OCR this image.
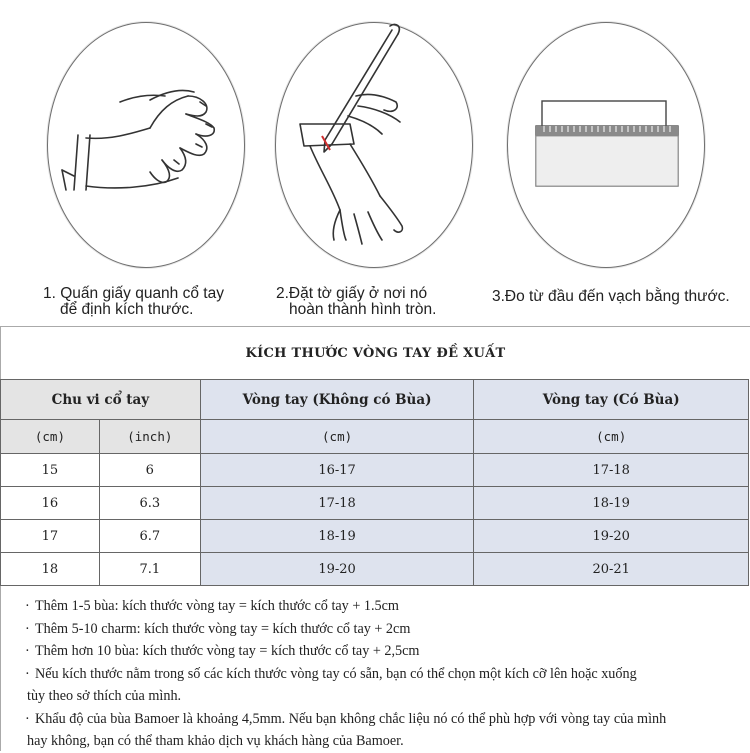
1. Quấn giấy quanh cổ tay
để định kích thước.
2.Đặt tờ giấy ở nơi nó
hoàn thành hình tròn.
3.Đo từ đầu đến vạch bằng thước.
KÍCH THƯỚC VÒNG TAY ĐỀ XUẤT
Chu vi cổ tay		Vòng tay (Không có Bùa)	Vòng tay (Có Bùa)
(cm)	(inch)	(cm)	(cm)
15	6	16-17	17-18
16	6.3	17-18	18-19
17	6.7	18-19	19-20
18	7.1	19-20	20-21

· Thêm 1-5 bùa: kích thước vòng tay = kích thước cổ tay + 1.5cm

· Thêm 5-10 charm: kích thước vòng tay = kích thước cổ tay + 2cm

· Thêm hơn 10 bùa: kích thước vòng tay = kích thước cổ tay + 2,5cm

· Nếu kích thước nằm trong số các kích thước vòng tay có sẵn, bạn có thể chọn một kích cỡ lên hoặc xuống
tùy theo sở thích của mình.

· Khẩu độ của bùa Bamoer là khoảng 4,5mm. Nếu bạn không chắc liệu nó có thể phù hợp với vòng tay của mình
hay không, bạn có thể tham khảo dịch vụ khách hàng của Bamoer.
